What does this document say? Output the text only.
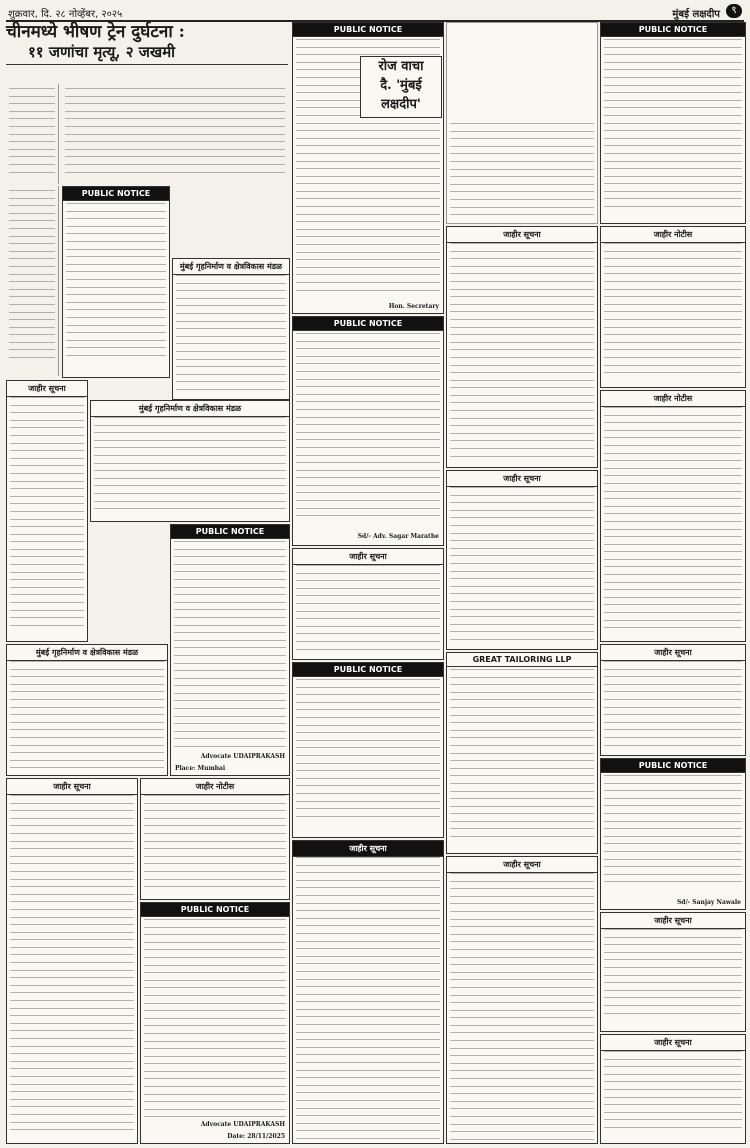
शुक्रवार, दि. २८ नोव्हेंबर, २०२५	मुंबई लक्षदीप	९
चीनमध्ये भीषण ट्रेन दुर्घटना :
११ जणांचा मृत्यू, २ जखमी
PUBLIC NOTICE
मुंबई गृहनिर्माण व क्षेत्रविकास मंडळ
जाहीर सूचना
मुंबई गृहनिर्माण व क्षेत्रविकास मंडळ
मुंबई गृहनिर्माण व क्षेत्रविकास मंडळ
PUBLIC NOTICE
Advocate UDAIPRAKASH
Place: Mumbai
जाहीर सूचना	जाहीर नोटीस
PUBLIC NOTICE
Advocate UDAIPRAKASH
Date: 28/11/2025
PUBLIC NOTICE
Hon. Secretary
PUBLIC NOTICE
Sd/- Adv. Sagar Marathe
जाहीर सूचना
PUBLIC NOTICE
जाहीर सूचना
रोज वाचा
दै. 'मुंबई
लक्षदीप'
जाहीर सूचना
जाहीर सूचना
GREAT TAILORING LLP
जाहीर सूचना
PUBLIC NOTICE
जाहीर नोटीस
जाहीर नोटीस
जाहीर सूचना
PUBLIC NOTICE
Sd/- Sanjay Nawale
जाहीर सूचना
जाहीर सूचना
